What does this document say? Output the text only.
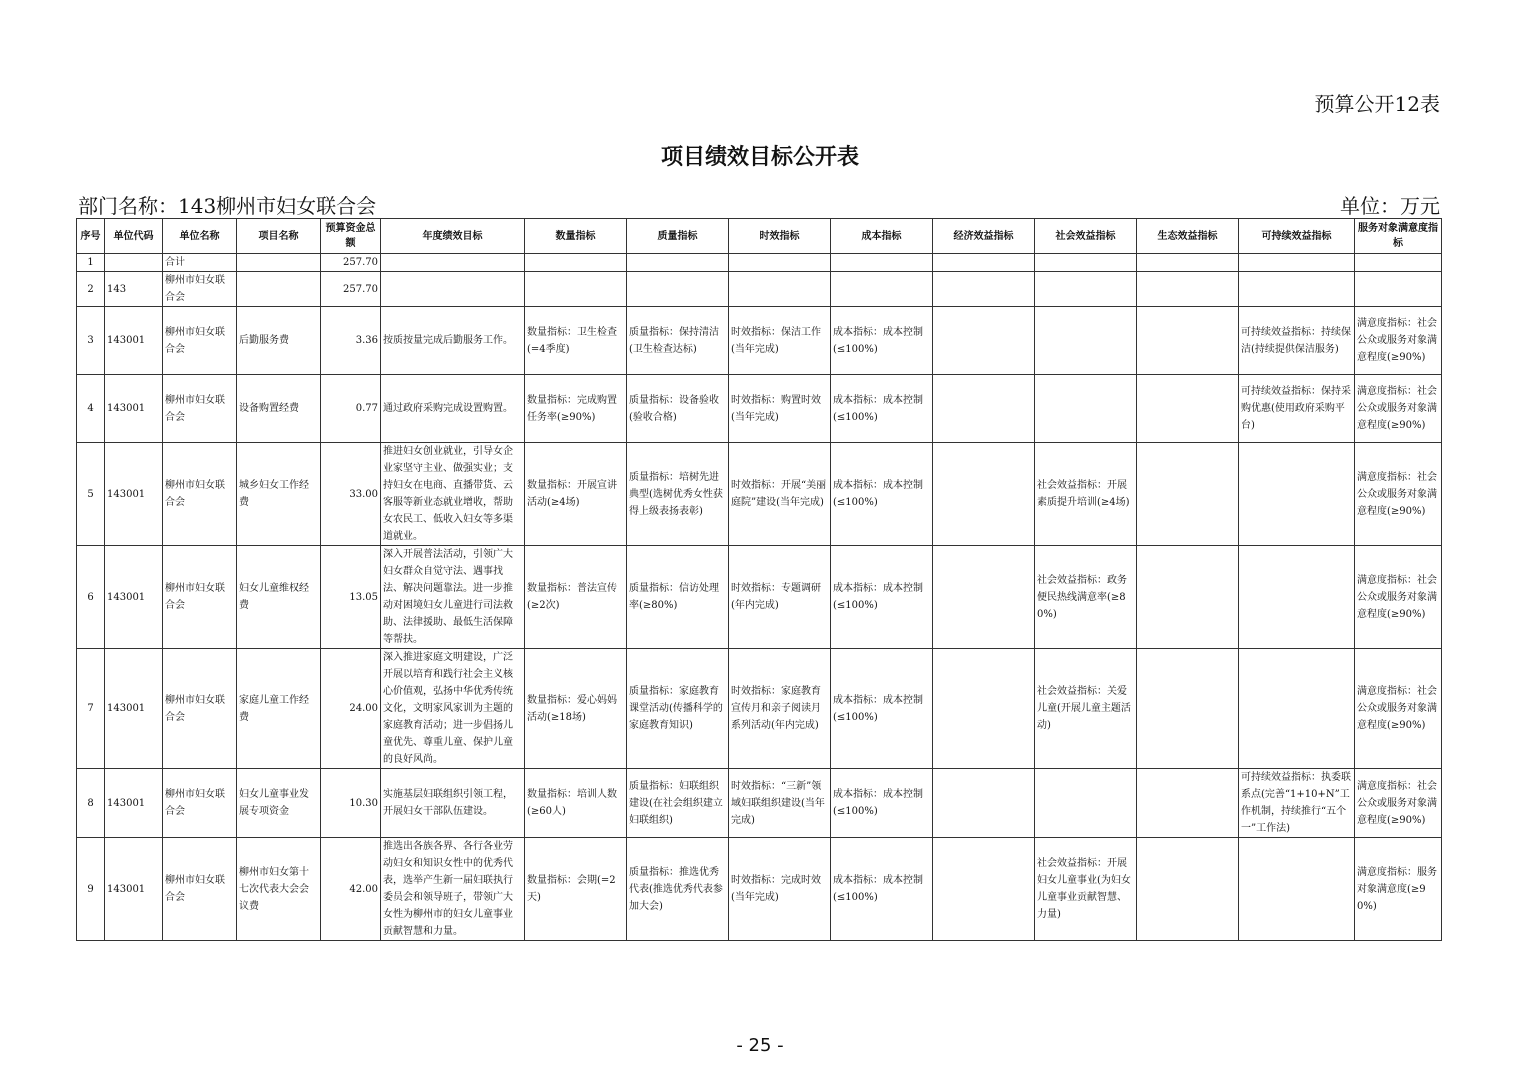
预算公开12表
项目绩效目标公开表
部门名称：143柳州市妇女联合会	单位：万元
序号	单位代码	单位名称	项目名称	预算资金总额	年度绩效目标	数量指标	质量指标	时效指标	成本指标	经济效益指标	社会效益指标	生态效益指标	可持续效益指标	服务对象满意度指标
1		合计		257.70										
2	143	柳州市妇女联合会		257.70										
3	143001	柳州市妇女联合会	后勤服务费	3.36	按质按量完成后勤服务工作。	数量指标：卫生检查(=4季度)	质量指标：保持清洁(卫生检查达标)	时效指标：保洁工作(当年完成)	成本指标：成本控制(≤100%)				可持续效益指标：持续保洁(持续提供保洁服务)	满意度指标：社会公众或服务对象满意程度(≥90%)
4	143001	柳州市妇女联合会	设备购置经费	0.77	通过政府采购完成设置购置。	数量指标：完成购置任务率(≥90%)	质量指标：设备验收(验收合格)	时效指标：购置时效(当年完成)	成本指标：成本控制(≤100%)				可持续效益指标：保持采购优惠(使用政府采购平台)	满意度指标：社会公众或服务对象满意程度(≥90%)
5	143001	柳州市妇女联合会	城乡妇女工作经费	33.00	推进妇女创业就业，引导女企业家坚守主业、做强实业；支持妇女在电商、直播带货、云客服等新业态就业增收，帮助女农民工、低收入妇女等多渠道就业。	数量指标：开展宣讲活动(≥4场)	质量指标：培树先进典型(选树优秀女性获得上级表扬表彰)	时效指标：开展“美丽庭院”建设(当年完成)	成本指标：成本控制(≤100%)		社会效益指标：开展素质提升培训(≥4场)			满意度指标：社会公众或服务对象满意程度(≥90%)
6	143001	柳州市妇女联合会	妇女儿童维权经费	13.05	深入开展普法活动，引领广大妇女群众自觉守法、遇事找法、解决问题靠法。进一步推动对困境妇女儿童进行司法救助、法律援助、最低生活保障等帮扶。	数量指标：普法宣传(≥2次)	质量指标：信访处理率(≥80%)	时效指标：专题调研(年内完成)	成本指标：成本控制(≤100%)		社会效益指标：政务便民热线满意率(≥80%)			满意度指标：社会公众或服务对象满意程度(≥90%)
7	143001	柳州市妇女联合会	家庭儿童工作经费	24.00	深入推进家庭文明建设，广泛开展以培育和践行社会主义核心价值观，弘扬中华优秀传统文化，文明家风家训为主题的家庭教育活动；进一步倡扬儿童优先、尊重儿童、保护儿童的良好风尚。	数量指标：爱心妈妈活动(≥18场)	质量指标：家庭教育课堂活动(传播科学的家庭教育知识)	时效指标：家庭教育宣传月和亲子阅读月系列活动(年内完成)	成本指标：成本控制(≤100%)		社会效益指标：关爱儿童(开展儿童主题活动)			满意度指标：社会公众或服务对象满意程度(≥90%)
8	143001	柳州市妇女联合会	妇女儿童事业发展专项资金	10.30	实施基层妇联组织引领工程，开展妇女干部队伍建设。	数量指标：培训人数(≥60人)	质量指标：妇联组织建设(在社会组织建立妇联组织)	时效指标：“三新”领域妇联组织建设(当年完成)	成本指标：成本控制(≤100%)				可持续效益指标：执委联系点(完善“1+10+N”工作机制，持续推行“五个一”工作法)	满意度指标：社会公众或服务对象满意程度(≥90%)
9	143001	柳州市妇女联合会	柳州市妇女第十七次代表大会会议费	42.00	推选出各族各界、各行各业劳动妇女和知识女性中的优秀代表，选举产生新一届妇联执行委员会和领导班子，带领广大女性为柳州市的妇女儿童事业贡献智慧和力量。	数量指标：会期(=2天)	质量指标：推选优秀代表(推选优秀代表参加大会)	时效指标：完成时效(当年完成)	成本指标：成本控制(≤100%)		社会效益指标：开展妇女儿童事业(为妇女儿童事业贡献智慧、力量)			满意度指标：服务对象满意度(≥90%)
- 25 -
